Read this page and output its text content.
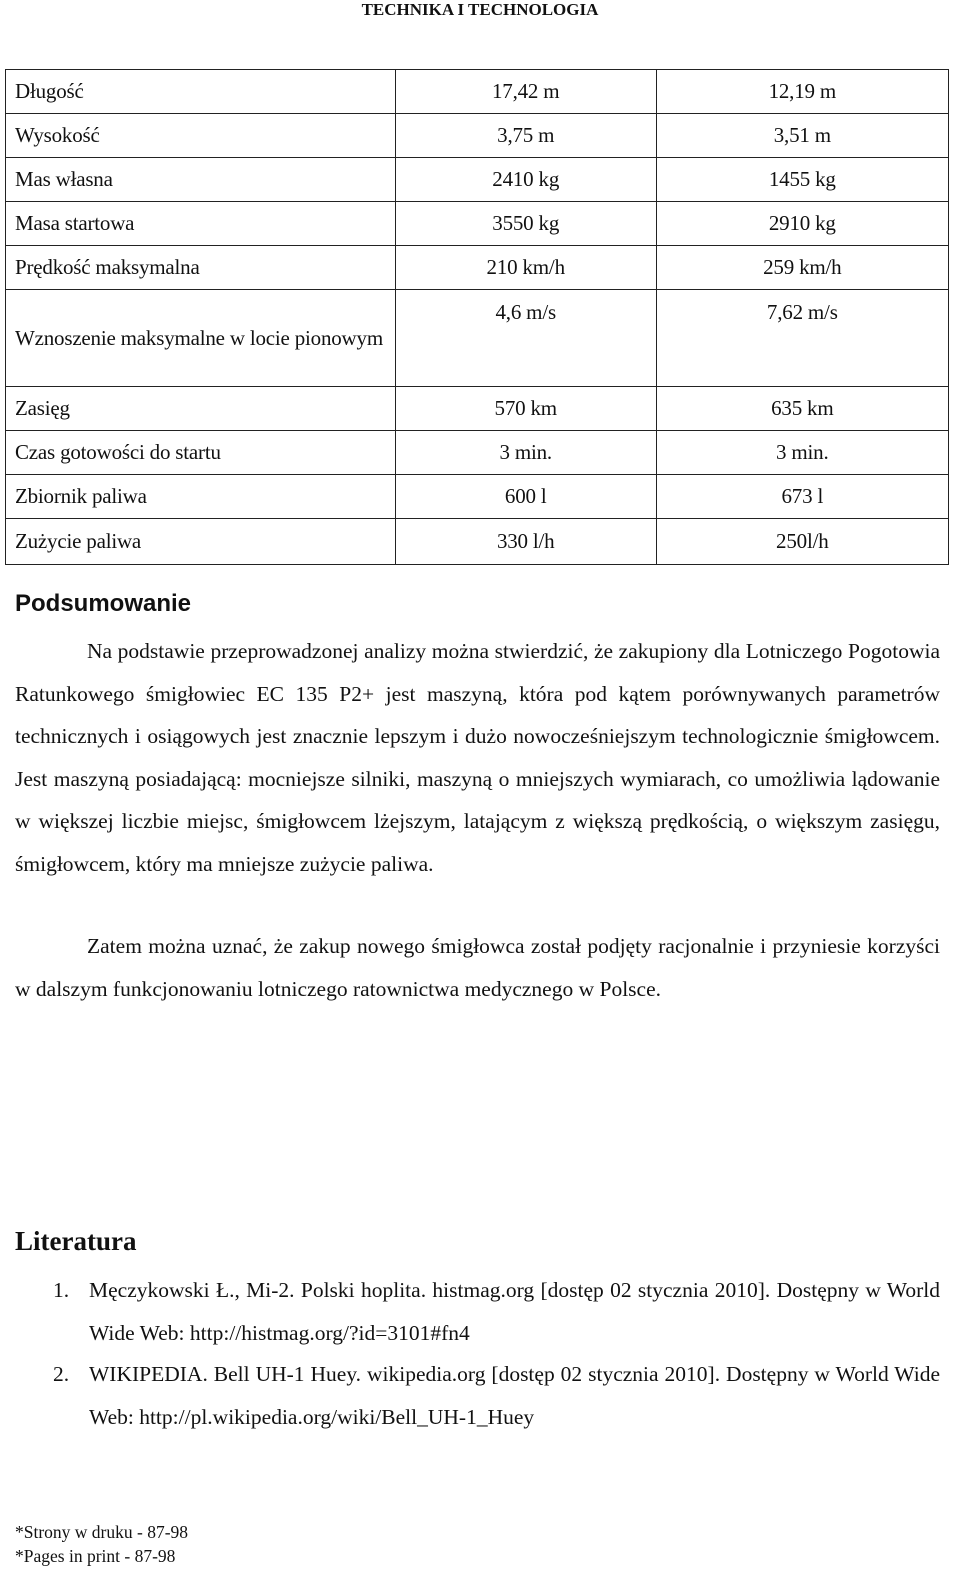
TECHNIKA I TECHNOLOGIA
Długość	17,42 m	12,19 m
Wysokość	3,75 m	3,51 m
Mas własna	2410 kg	1455 kg
Masa startowa	3550 kg	2910 kg
Prędkość maksymalna	210 km/h	259 km/h
Wznoszenie maksymalne w locie pionowym	4,6 m/s	7,62 m/s
Zasięg	570 km	635 km
Czas gotowości do startu	3 min.	3 min.
Zbiornik paliwa	600 l	673 l
Zużycie paliwa	330 l/h	250l/h
Podsumowanie

Na podstawie przeprowadzonej analizy można stwierdzić, że zakupiony dla Lotniczego Pogotowia Ratunkowego śmigłowiec EC 135 P2+ jest maszyną, która pod kątem porównywanych parametrów technicznych i osiągowych jest znacznie lepszym i dużo nowocześniejszym technologicznie śmigłowcem. Jest maszyną posiadającą: mocniejsze silniki, maszyną o mniejszych wymiarach, co umożliwia lądowanie w większej liczbie miejsc, śmigłowcem lżejszym, latającym z większą prędkością, o większym zasięgu, śmigłowcem, który ma mniejsze zużycie paliwa.

Zatem można uznać, że zakup nowego śmigłowca został podjęty racjonalnie i przyniesie korzyści w dalszym funkcjonowaniu lotniczego ratownictwa medycznego w Polsce.

Literatura
1. Męczykowski Ł., Mi-2. Polski hoplita. histmag.org [dostęp 02 stycznia 2010]. Dostępny w World Wide Web: http://histmag.org/?id=3101#fn4
2. WIKIPEDIA. Bell UH-1 Huey. wikipedia.org [dostęp 02 stycznia 2010]. Dostępny w World Wide Web: http://pl.wikipedia.org/wiki/Bell_UH-1_Huey
*Strony w druku - 87-98
*Pages in print - 87-98
